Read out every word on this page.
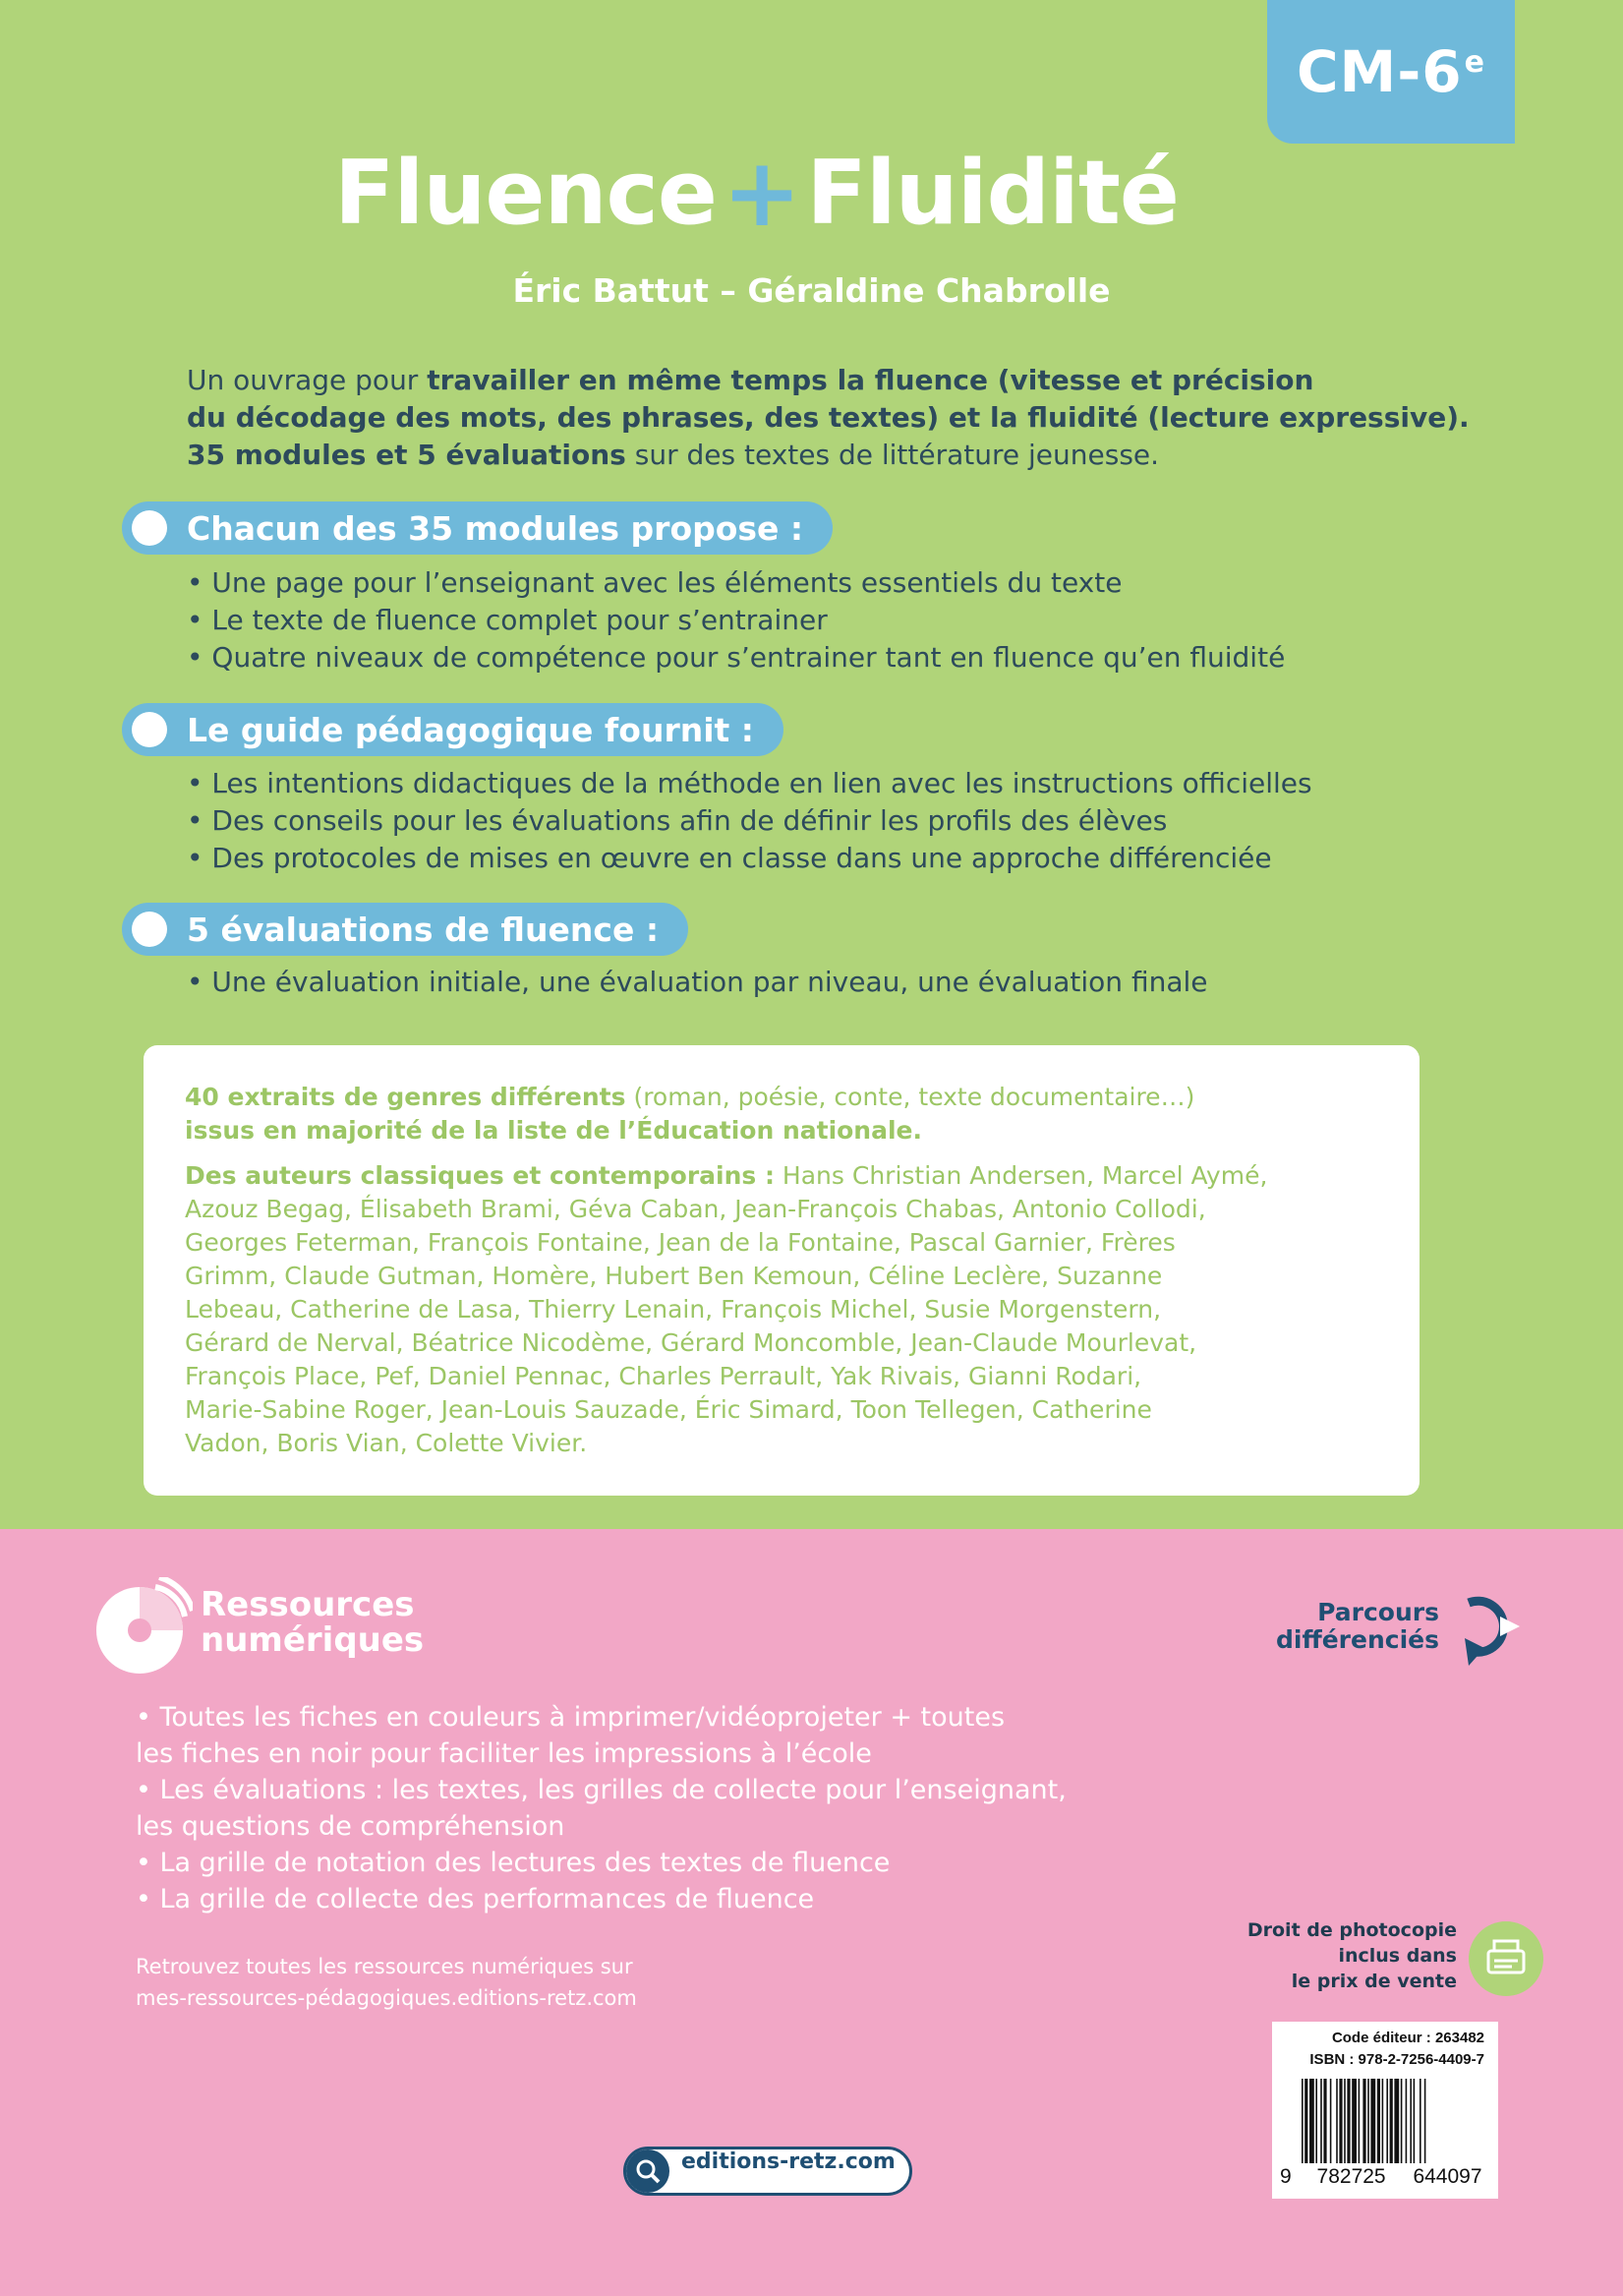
CM-6e
Fluence + Fluidité
Éric Battut – Géraldine Chabrolle

Un ouvrage pour travailler en même temps la fluence (vitesse et précision

du décodage des mots, des phrases, des textes) et la fluidité (lecture expressive).

35 modules et 5 évaluations sur des textes de littérature jeunesse.

Chacun des 35 modules propose :
• Une page pour l’enseignant avec les éléments essentiels du texte
• Le texte de fluence complet pour s’entrainer
• Quatre niveaux de compétence pour s’entrainer tant en fluence qu’en fluidité
Le guide pédagogique fournit :
• Les intentions didactiques de la méthode en lien avec les instructions officielles
• Des conseils pour les évaluations afin de définir les profils des élèves
• Des protocoles de mises en œuvre en classe dans une approche différenciée
5 évaluations de fluence :
• Une évaluation initiale, une évaluation par niveau, une évaluation finale

40 extraits de genres différents (roman, poésie, conte, texte documentaire…)
issus en majorité de la liste de l’Éducation nationale.

Des auteurs classiques et contemporains : Hans Christian Andersen, Marcel Aymé,
Azouz Begag, Élisabeth Brami, Géva Caban, Jean-François Chabas, Antonio Collodi,
Georges Feterman, François Fontaine, Jean de la Fontaine, Pascal Garnier, Frères
Grimm, Claude Gutman, Homère, Hubert Ben Kemoun, Céline Leclère, Suzanne
Lebeau, Catherine de Lasa, Thierry Lenain, François Michel, Susie Morgenstern,
Gérard de Nerval, Béatrice Nicodème, Gérard Moncomble, Jean-Claude Mourlevat,
François Place, Pef, Daniel Pennac, Charles Perrault, Yak Rivais, Gianni Rodari,
Marie-Sabine Roger, Jean-Louis Sauzade, Éric Simard, Toon Tellegen, Catherine
Vadon, Boris Vian, Colette Vivier.

Ressources
numériques
Parcours
différenciés
• Toutes les fiches en couleurs à imprimer/vidéoprojeter + toutes
les fiches en noir pour faciliter les impressions à l’école
• Les évaluations : les textes, les grilles de collecte pour l’enseignant,
les questions de compréhension
• La grille de notation des lectures des textes de fluence
• La grille de collecte des performances de fluence
Retrouvez toutes les ressources numériques sur
mes-ressources-pédagogiques.editions-retz.com
Droit de photocopie
inclus dans
le prix de vente
Code éditeur : 263482
ISBN : 978-2-7256-4409-7
9 782725 644097
editions-retz.com
